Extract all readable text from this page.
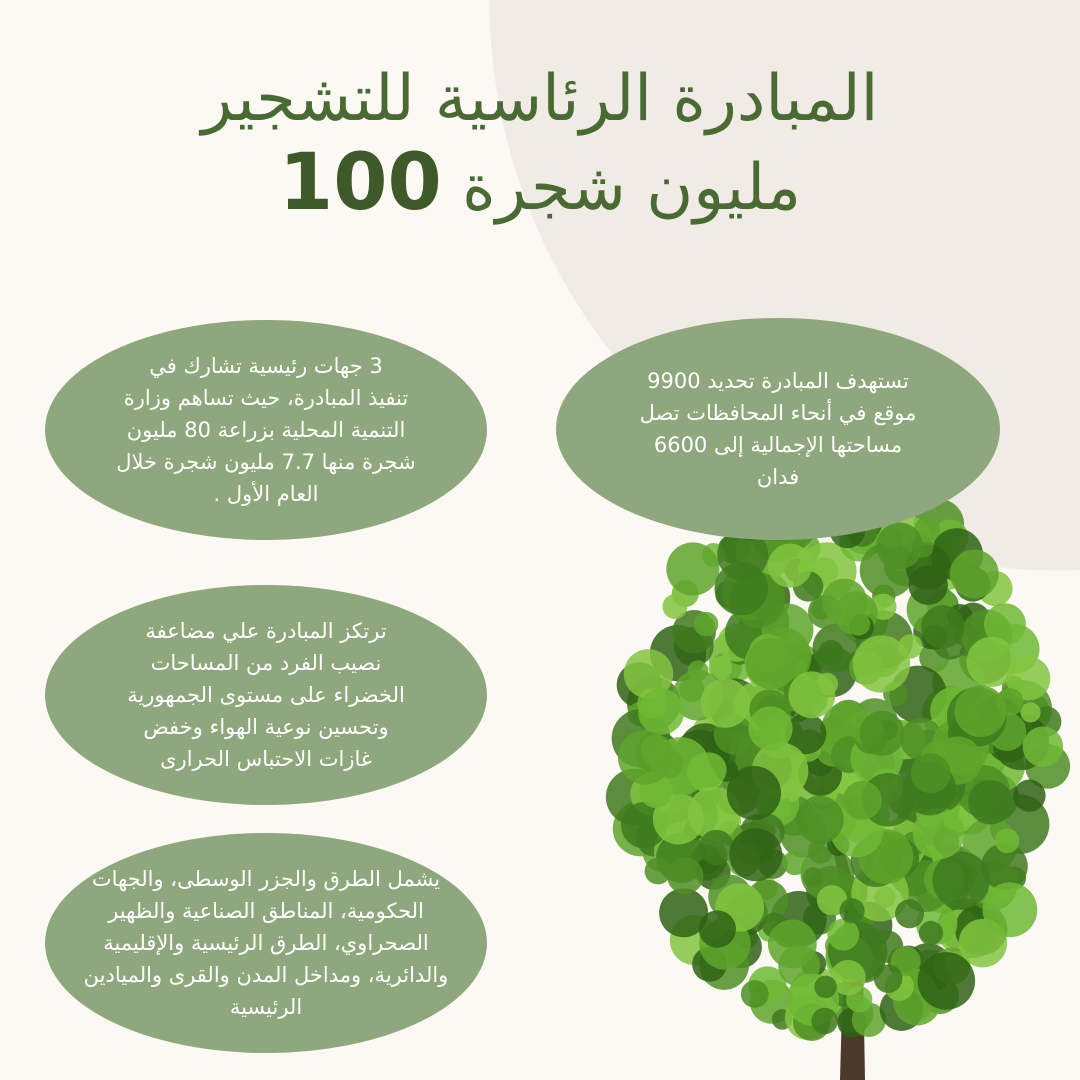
المبادرة الرئاسية للتشجير
مليون شجرة 100
3 جهات رئيسية تشارك في
تنفيذ المبادرة، حيث تساهم وزارة
التنمية المحلية بزراعة 80 مليون
شجرة منها 7.7 مليون شجرة خلال
العام الأول .
ترتكز المبادرة علي مضاعفة
نصيب الفرد من المساحات
الخضراء على مستوى الجمهورية
وتحسين نوعية الهواء وخفض
غازات الاحتباس الحرارى
يشمل الطرق والجزر الوسطى، والجهات
الحكومية، المناطق الصناعية والظهير
الصحراوي، الطرق الرئيسية والإقليمية
والدائرية، ومداخل المدن والقرى والميادين
الرئيسية
تستهدف المبادرة تحديد 9900
موقع في أنحاء المحافظات تصل
مساحتها الإجمالية إلى 6600
فدان
